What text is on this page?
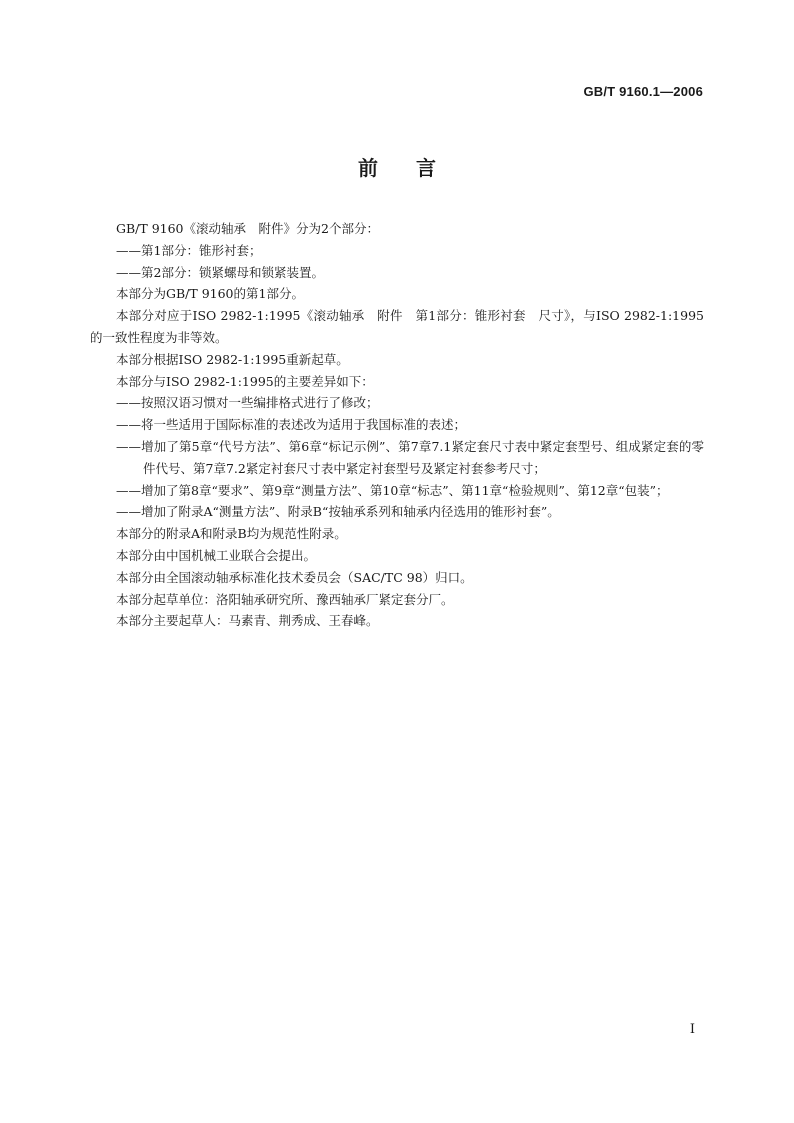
GB/T 9160.1—2006
前言

GB/T 9160《滚动轴承　附件》分为2个部分：

——第1部分：锥形衬套；

——第2部分：锁紧螺母和锁紧装置。

本部分为GB/T 9160的第1部分。

本部分对应于ISO 2982-1:1995《滚动轴承　附件　第1部分：锥形衬套　尺寸》，与ISO 2982-1:1995的一致性程度为非等效。

本部分根据ISO 2982-1:1995重新起草。

本部分与ISO 2982-1:1995的主要差异如下：

——按照汉语习惯对一些编排格式进行了修改；

——将一些适用于国际标准的表述改为适用于我国标准的表述；

——增加了第5章“代号方法”、第6章“标记示例”、第7章7.1紧定套尺寸表中紧定套型号、组成紧定套的零件代号、第7章7.2紧定衬套尺寸表中紧定衬套型号及紧定衬套参考尺寸；

——增加了第8章“要求”、第9章“测量方法”、第10章“标志”、第11章“检验规则”、第12章“包装”；

——增加了附录A“测量方法”、附录B“按轴承系列和轴承内径选用的锥形衬套”。

本部分的附录A和附录B均为规范性附录。

本部分由中国机械工业联合会提出。

本部分由全国滚动轴承标准化技术委员会（SAC/TC 98）归口。

本部分起草单位：洛阳轴承研究所、豫西轴承厂紧定套分厂。

本部分主要起草人：马素青、荆秀成、王春峰。

I
